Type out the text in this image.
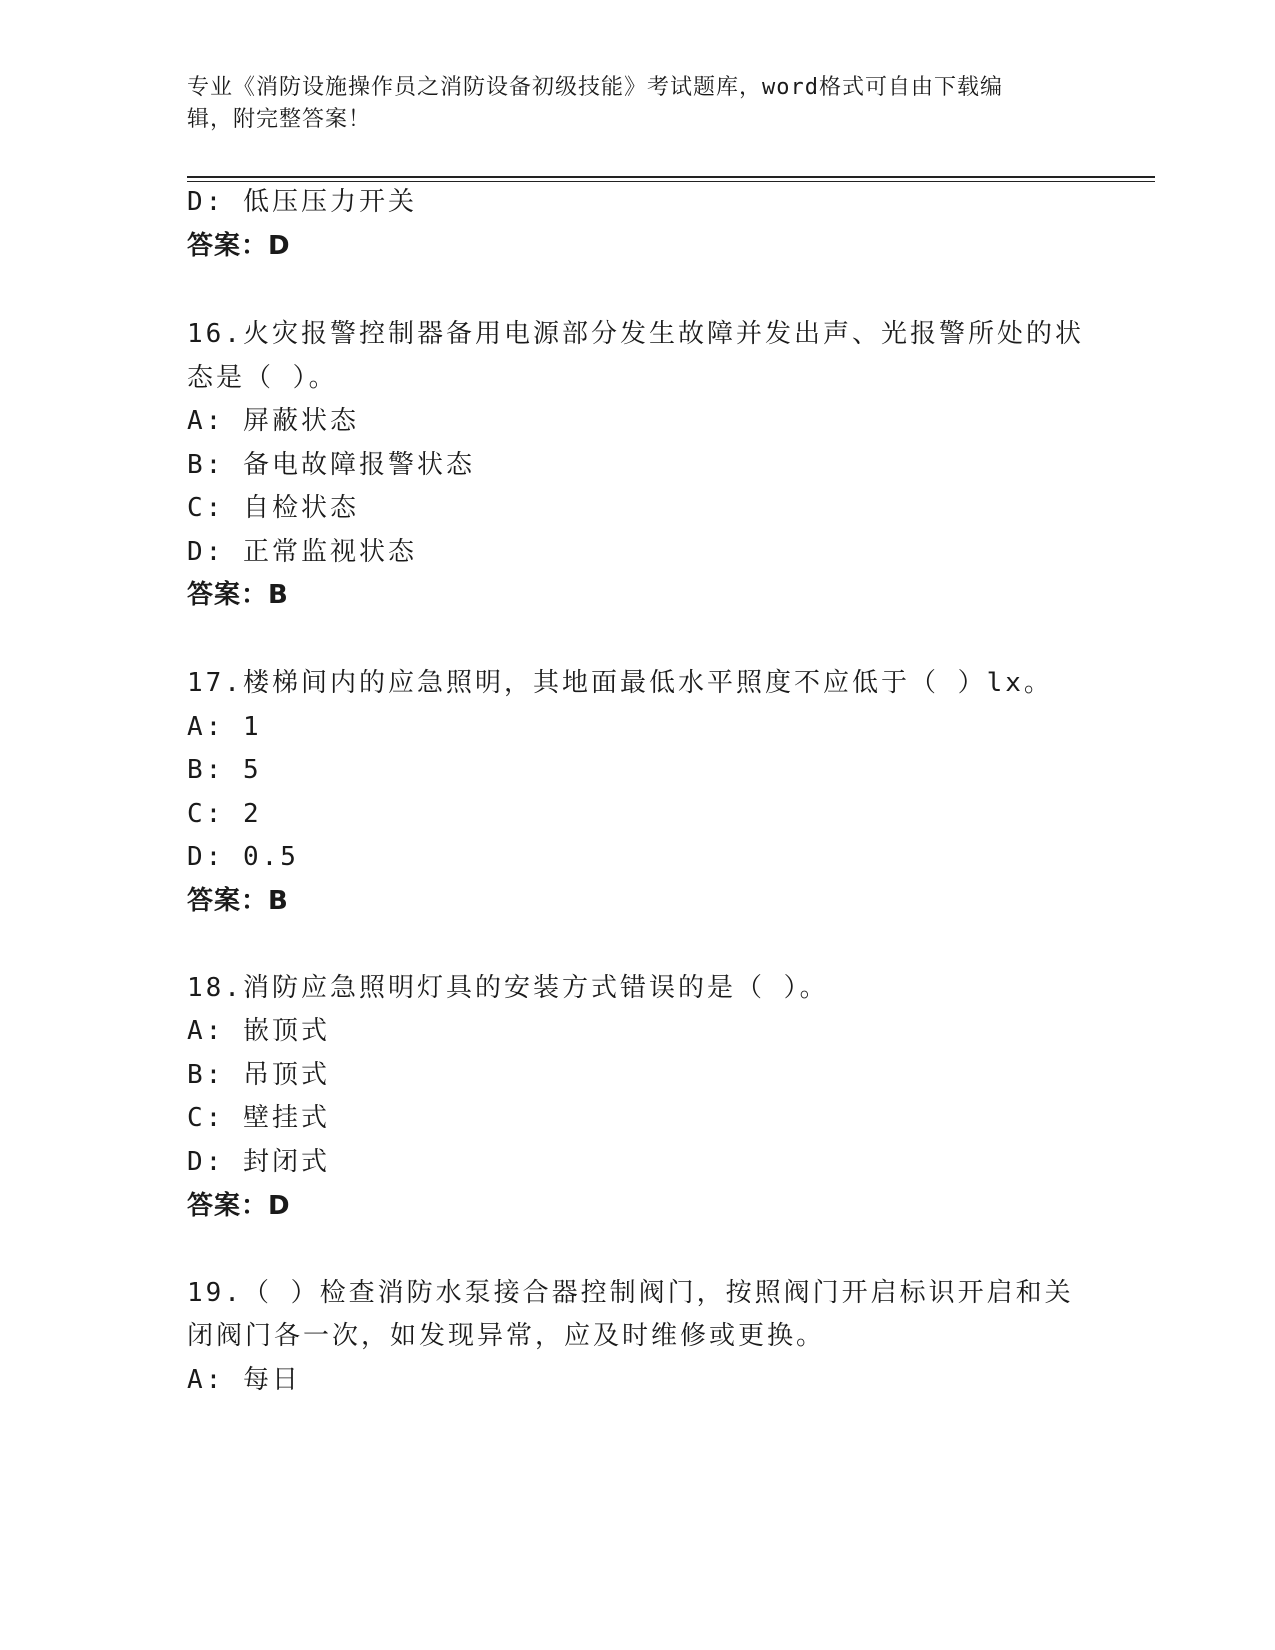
专业《消防设施操作员之消防设备初级技能》考试题库，word格式可自由下载编
辑，附完整答案！
D: 低压压力开关
答案：D
16.火灾报警控制器备用电源部分发生故障并发出声、光报警所处的状
态是（ ）。
A: 屏蔽状态
B: 备电故障报警状态
C: 自检状态
D: 正常监视状态
答案：B
17.楼梯间内的应急照明，其地面最低水平照度不应低于（ ）lx。
A: 1
B: 5
C: 2
D: 0.5
答案：B
18.消防应急照明灯具的安装方式错误的是（ ）。
A: 嵌顶式
B: 吊顶式
C: 壁挂式
D: 封闭式
答案：D
19.（ ）检查消防水泵接合器控制阀门，按照阀门开启标识开启和关
闭阀门各一次，如发现异常，应及时维修或更换。
A: 每日
